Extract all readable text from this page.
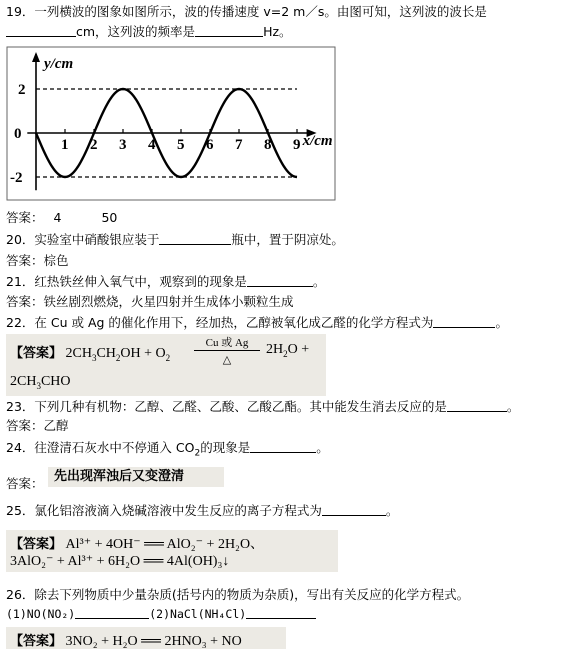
19．一列横波的图象如图所示，波的传播速度 v=2 m／s。由图可知，这列波的波长是
cm，这列波的频率是	Hz。
1 2 3 4 5 6 7 8 9
2
0
-2
y/cm
x/cm
答案： 4	50
20．实验室中硝酸银应装于	瓶中，置于阴凉处。
答案：棕色
21．红热铁丝伸入氧气中，观察到的现象是	。
答案：铁丝剧烈燃烧，火星四射并生成体小颗粒生成
22．在 Cu 或 Ag 的催化作用下，经加热，乙醇被氧化成乙醛的化学方程式为	。
【答案】 $2CH_3CH_2OH + O_2$
Cu 或 Ag
△
$2H_2O$ +
$2CH_3CHO$
23．下列几种有机物：乙醇、乙醛、乙酸、乙酸乙酯。其中能发生消去反应的是	。
答案：乙醇
24．往澄清石灰水中不停通入 $CO_2$的现象是	。
答案： 先出现浑浊后又变澄清
25．氯化铝溶液滴入烧碱溶液中发生反应的离子方程式为	。
【答案】 Al³⁺ + 4OH⁻ ══ AlO₂⁻ + 2H₂O、
3AlO₂⁻ + Al³⁺ + 6H₂O ══ 4Al(OH)₃↓
26．除去下列物质中少量杂质(括号内的物质为杂质)，写出有关反应的化学方程式。
(1)NO(NO₂)	(2)NaCl(NH₄Cl)
【答案】 3NO₂ + H₂O ══ 2HNO₃ + NO
